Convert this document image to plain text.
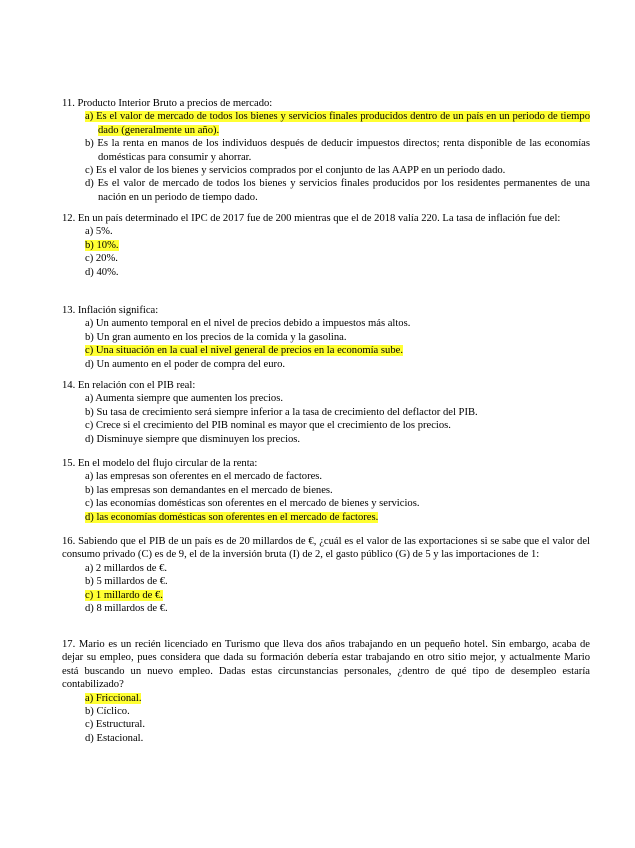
11. Producto Interior Bruto a precios de mercado:
a) Es el valor de mercado de todos los bienes y servicios finales producidos dentro de un país en un periodo de tiempo dado (generalmente un año).
b) Es la renta en manos de los individuos después de deducir impuestos directos; renta disponible de las economías domésticas para consumir y ahorrar.
c) Es el valor de los bienes y servicios comprados por el conjunto de las AAPP en un periodo dado.
d) Es el valor de mercado de todos los bienes y servicios finales producidos por los residentes permanentes de una nación en un periodo de tiempo dado.
12. En un país determinado el IPC de 2017 fue de 200 mientras que el de 2018 valía 220. La tasa de inflación fue del:
a) 5%.
b) 10%.
c) 20%.
d) 40%.
13. Inflación significa:
a) Un aumento temporal en el nivel de precios debido a impuestos más altos.
b) Un gran aumento en los precios de la comida y la gasolina.
c) Una situación en la cual el nivel general de precios en la economía sube.
d) Un aumento en el poder de compra del euro.
14. En relación con el PIB real:
a) Aumenta siempre que aumenten los precios.
b) Su tasa de crecimiento será siempre inferior a la tasa de crecimiento del deflactor del PIB.
c) Crece si el crecimiento del PIB nominal es mayor que el crecimiento de los precios.
d) Disminuye siempre que disminuyen los precios.
15. En el modelo del flujo circular de la renta:
a) las empresas son oferentes en el mercado de factores.
b) las empresas son demandantes en el mercado de bienes.
c) las economías domésticas son oferentes en el mercado de bienes y servicios.
d) las economías domésticas son oferentes en el mercado de factores.
16. Sabiendo que el PIB de un país es de 20 millardos de €, ¿cuál es el valor de las exportaciones si se sabe que el valor del consumo privado (C) es de 9, el de la inversión bruta (I) de 2, el gasto público (G) de 5 y las importaciones de 1:
a) 2 millardos de €.
b) 5 millardos de €.
c) 1 millardo de €.
d) 8 millardos de €.
17. Mario es un recién licenciado en Turismo que lleva dos años trabajando en un pequeño hotel. Sin embargo, acaba de dejar su empleo, pues considera que dada su formación debería estar trabajando en otro sitio mejor, y actualmente Mario está buscando un nuevo empleo. Dadas estas circunstancias personales, ¿dentro de qué tipo de desempleo estaría contabilizado?
a) Friccional.
b) Cíclico.
c) Estructural.
d) Estacional.
